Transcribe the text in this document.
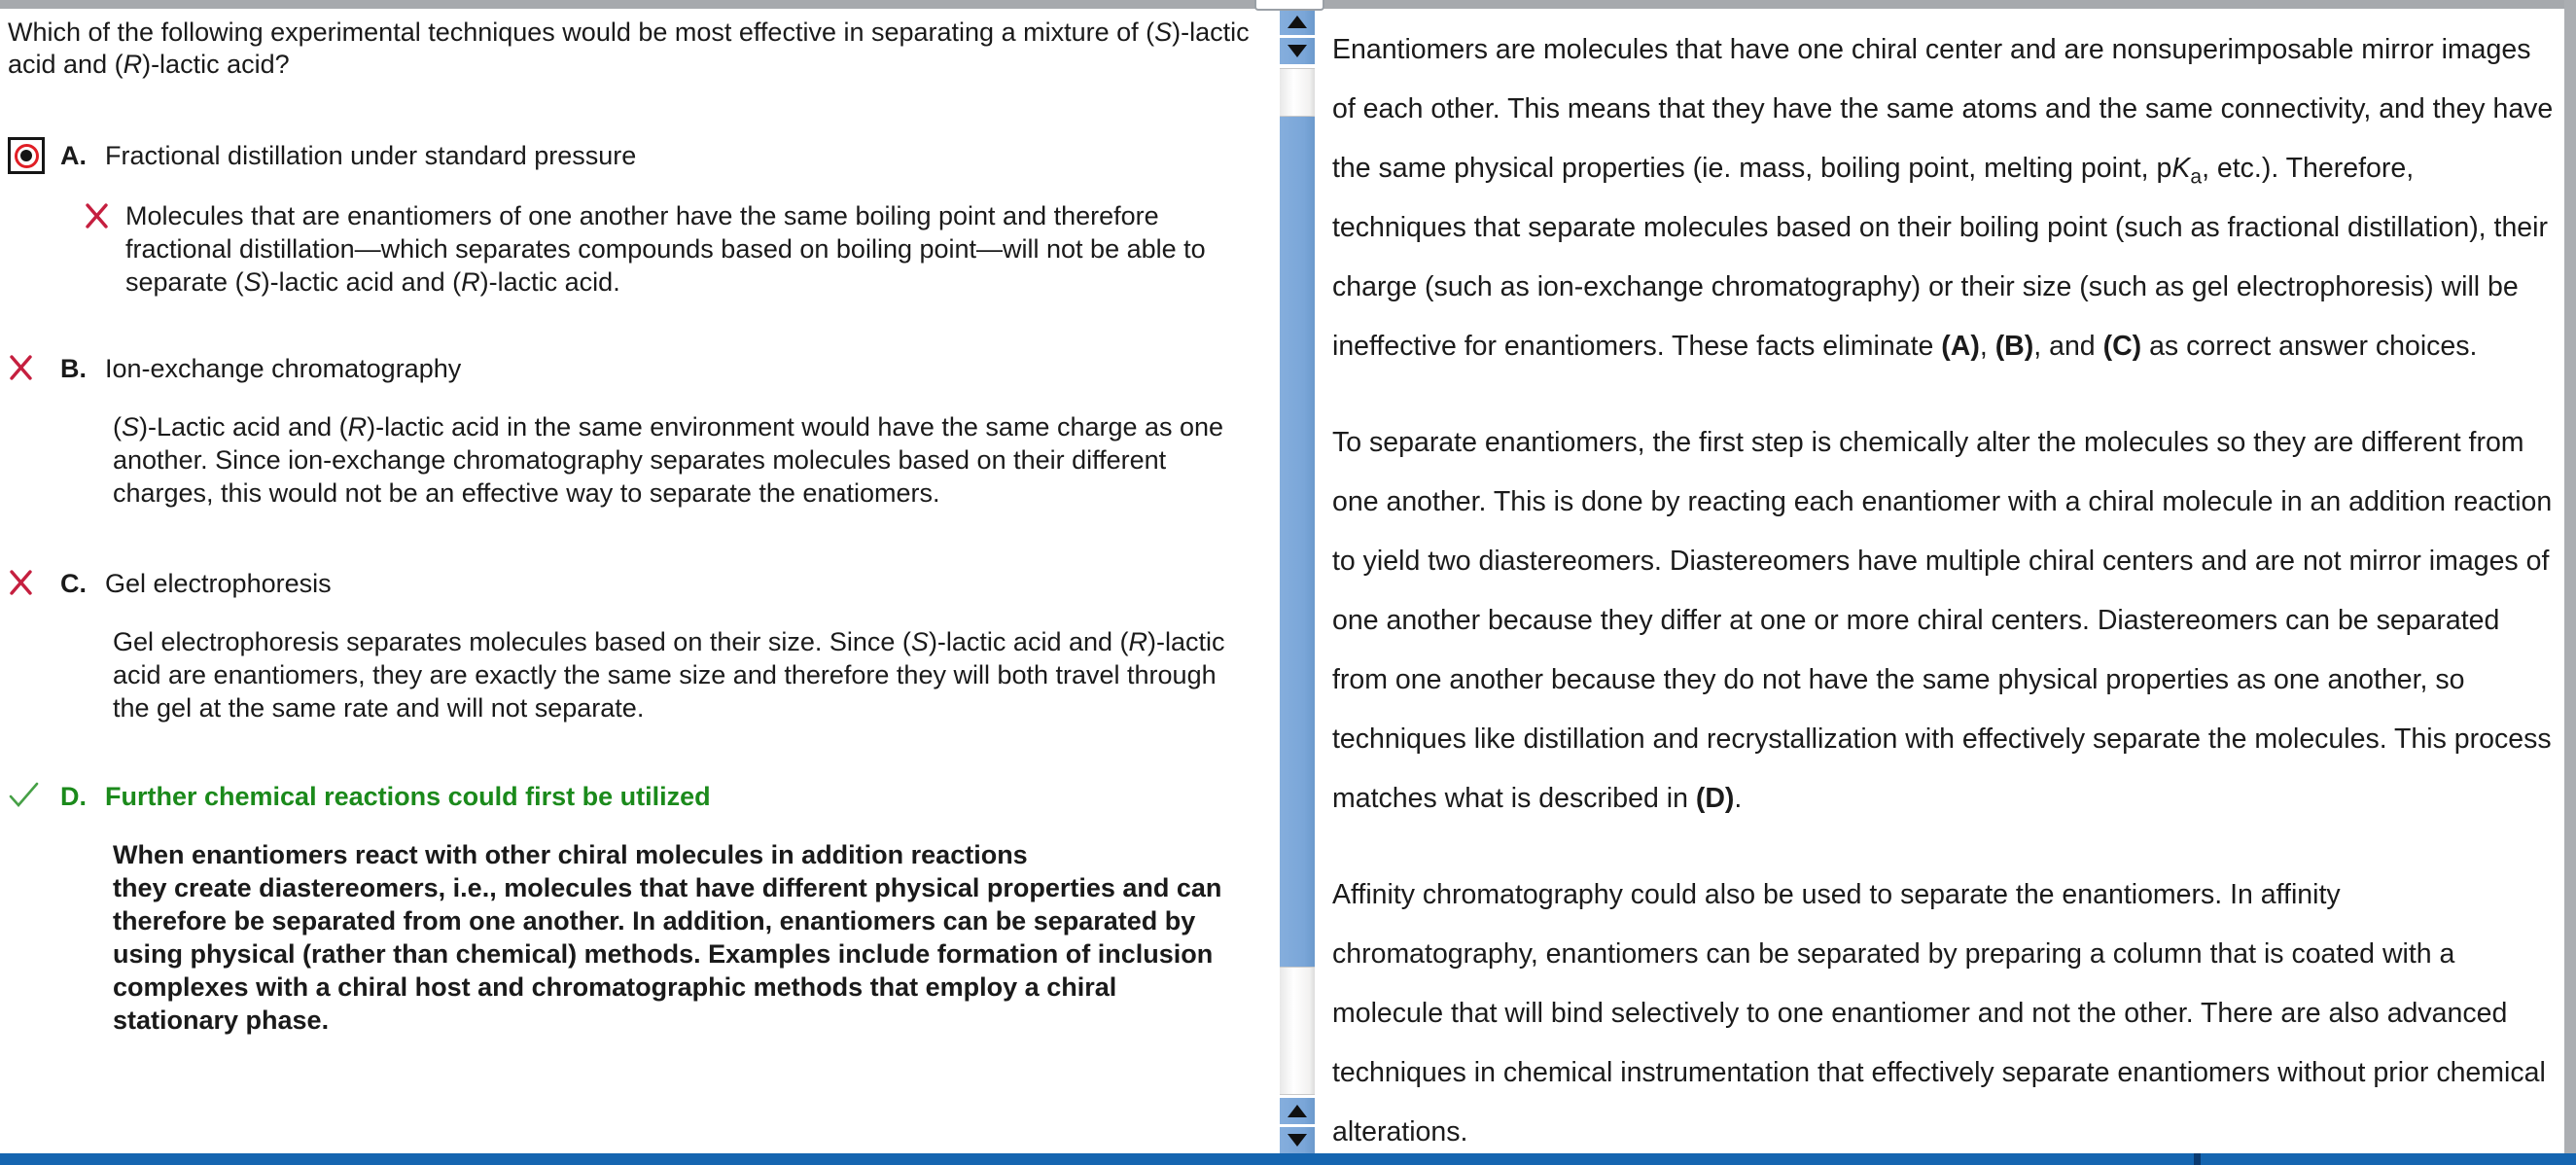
Which of the following experimental techniques would be most effective in separating a mixture of (S)-lactic acid and (R)-lactic acid?
A. Fractional distillation under standard pressure
Molecules that are enantiomers of one another have the same boiling point and therefore fractional distillation—which separates compounds based on boiling point—will not be able to separate (S)-lactic acid and (R)-lactic acid.
B. Ion-exchange chromatography
(S)-Lactic acid and (R)-lactic acid in the same environment would have the same charge as one another. Since ion-exchange chromatography separates molecules based on their different charges, this would not be an effective way to separate the enatiomers.
C. Gel electrophoresis
Gel electrophoresis separates molecules based on their size. Since (S)-lactic acid and (R)-lactic acid are enantiomers, they are exactly the same size and therefore they will both travel through the gel at the same rate and will not separate.
D. Further chemical reactions could first be utilized
When enantiomers react with other chiral molecules in addition reactions
they create diastereomers, i.e., molecules that have different physical properties and can therefore be separated from one another. In addition, enantiomers can be separated by using physical (rather than chemical) methods. Examples include formation of inclusion complexes with a chiral host and chromatographic methods that employ a chiral stationary phase.
Enantiomers are molecules that have one chiral center and are nonsuperimposable mirror images of each other. This means that they have the same atoms and the same connectivity, and they have the same physical properties (ie. mass, boiling point, melting point, $pK_a$, etc.). Therefore, techniques that separate molecules based on their boiling point (such as fractional distillation), their charge (such as ion-exchange chromatography) or their size (such as gel electrophoresis) will be ineffective for enantiomers. These facts eliminate (A), (B), and (C) as correct answer choices.
To separate enantiomers, the first step is chemically alter the molecules so they are different from one another. This is done by reacting each enantiomer with a chiral molecule in an addition reaction to yield two diastereomers. Diastereomers have multiple chiral centers and are not mirror images of one another because they differ at one or more chiral centers. Diastereomers can be separated from one another because they do not have the same physical properties as one another, so techniques like distillation and recrystallization with effectively separate the molecules. This process matches what is described in (D).
Affinity chromatography could also be used to separate the enantiomers. In affinity chromatography, enantiomers can be separated by preparing a column that is coated with a molecule that will bind selectively to one enantiomer and not the other. There are also advanced techniques in chemical instrumentation that effectively separate enantiomers without prior chemical alterations.
